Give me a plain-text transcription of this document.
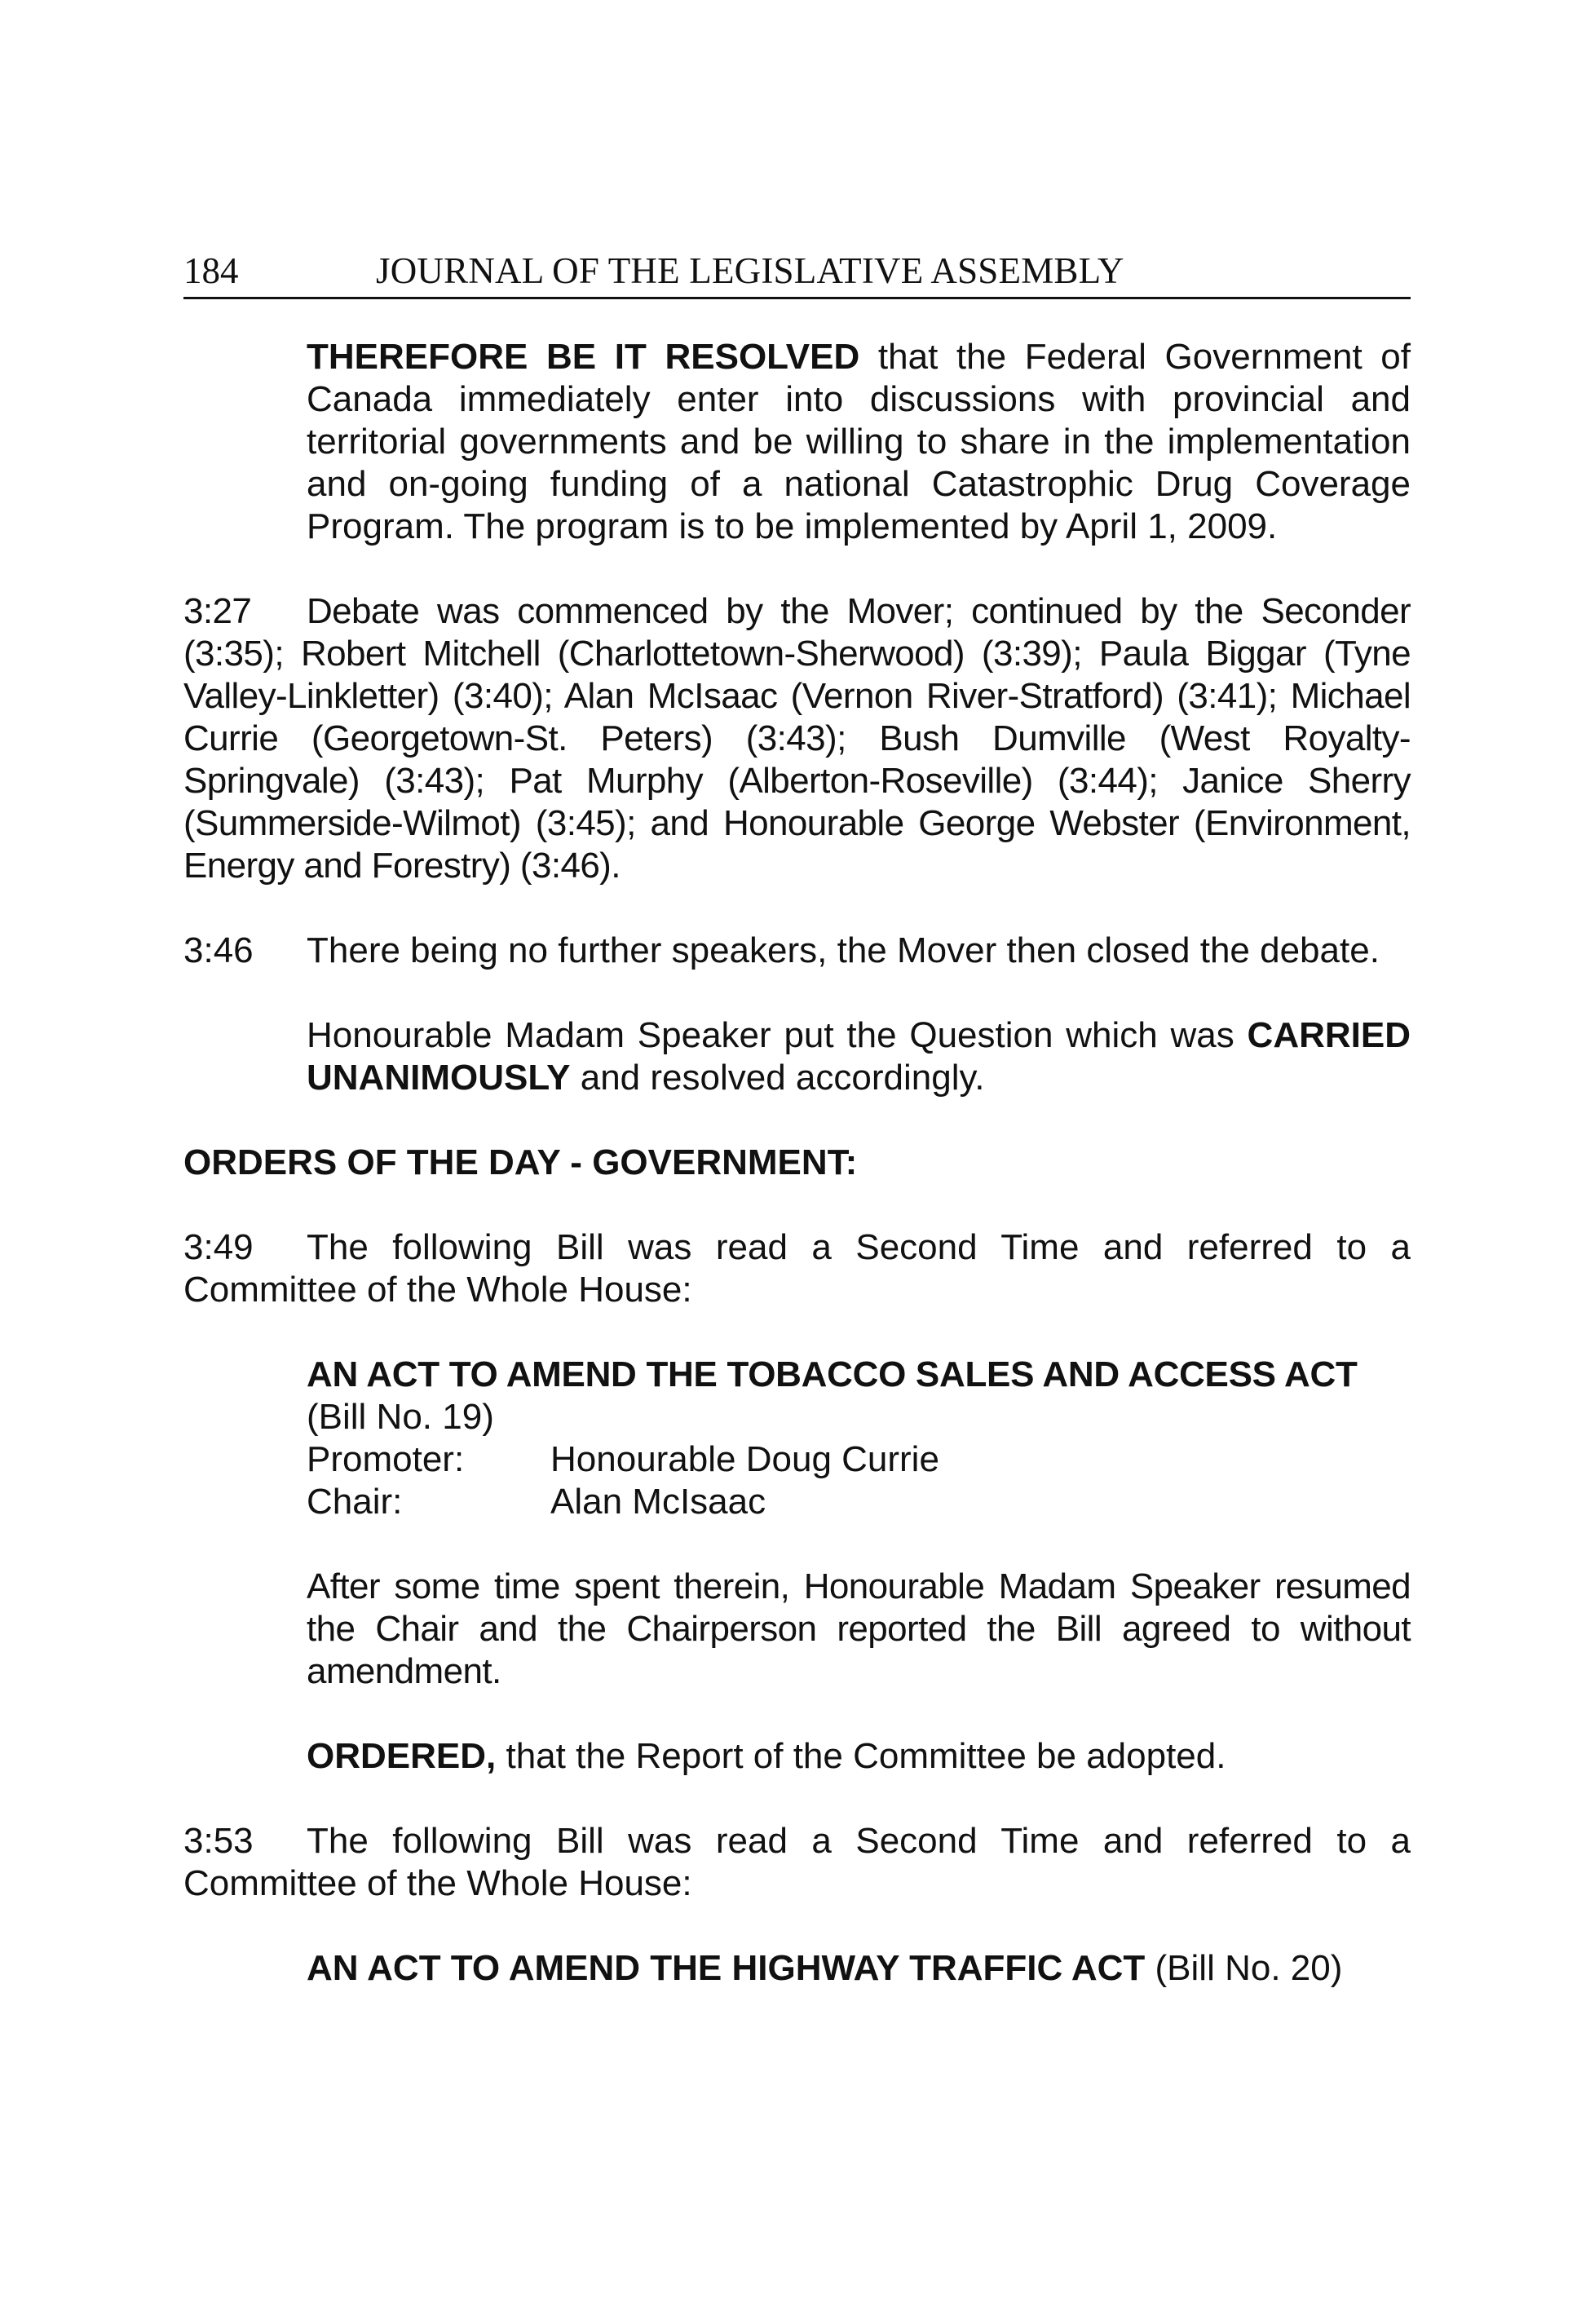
184	JOURNAL OF THE LEGISLATIVE ASSEMBLY

THEREFORE BE IT RESOLVED that the Federal Government of Canada immediately enter into discussions with provincial and territorial governments and be willing to share in the implementation and on-going funding of a national Catastrophic Drug Coverage Program. The program is to be implemented by April 1, 2009.

3:27 Debate was commenced by the Mover; continued by the Seconder (3:35); Robert Mitchell (Charlottetown-Sherwood) (3:39); Paula Biggar (Tyne Valley-Linkletter) (3:40); Alan McIsaac (Vernon River-Stratford) (3:41); Michael Currie (Georgetown-St. Peters) (3:43); Bush Dumville (West Royalty-Springvale) (3:43); Pat Murphy (Alberton-Roseville) (3:44); Janice Sherry (Summerside-Wilmot) (3:45); and Honourable George Webster (Environment, Energy and Forestry) (3:46).

3:46 There being no further speakers, the Mover then closed the debate.

Honourable Madam Speaker put the Question which was CARRIED UNANIMOUSLY and resolved accordingly.

ORDERS OF THE DAY - GOVERNMENT:

3:49 The following Bill was read a Second Time and referred to a Committee of the Whole House:

AN ACT TO AMEND THE TOBACCO SALES AND ACCESS ACT
(Bill No. 19)
Promoter:	Honourable Doug Currie
Chair:	Alan McIsaac

After some time spent therein, Honourable Madam Speaker resumed the Chair and the Chairperson reported the Bill agreed to without amendment.

ORDERED, that the Report of the Committee be adopted.

3:53 The following Bill was read a Second Time and referred to a Committee of the Whole House:

AN ACT TO AMEND THE HIGHWAY TRAFFIC ACT (Bill No. 20)
